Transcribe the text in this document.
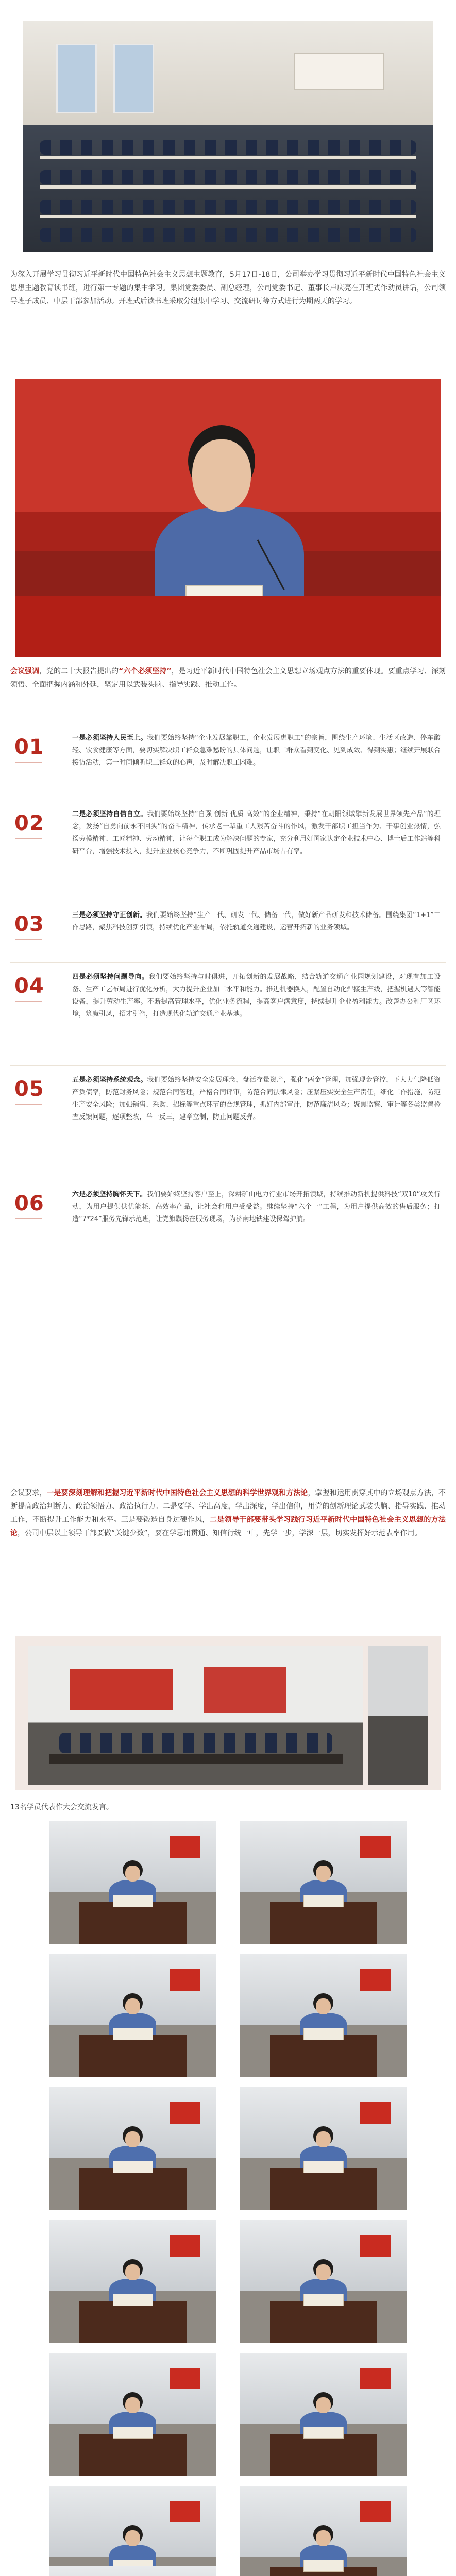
为深入开展学习贯彻习近平新时代中国特色社会主义思想主题教育，5月17日-18日，公司举办学习贯彻习近平新时代中国特色社会主义思想主题教育读书班，进行第一专题的集中学习。集团党委委员、副总经理，公司党委书记、董事长卢庆亮在开班式作动员讲话，公司领导班子成员、中层干部参加活动。开班式后读书班采取分组集中学习、交流研讨等方式进行为期两天的学习。

会议强调，党的二十大报告提出的“六个必须坚持”，是习近平新时代中国特色社会主义思想立场观点方法的重要体现。要重点学习、深刻领悟、全面把握内涵和外延，坚定用以武装头脑、指导实践、推动工作。

01	一是必须坚持人民至上。我们要始终坚持“企业发展靠职工，企业发展惠职工”的宗旨，围绕生产环境、生活区改造、停车酸轻、饮食健康等方面，要切实解决职工群众急难愁盼的具体问题，让职工群众看到变化、见到成效、得到实惠；继续开展联合接访活动，第一时间倾听职工群众的心声，及时解决职工困难。

02	二是必须坚持自信自立。我们要始终坚持“自强 创新 优质 高效”的企业精神，秉持“在朝阳领域擘新发展世界领先产品”的理念，发扬“自勇向前永不回头”的奋斗精神，传承老一辈重工人艰苦奋斗的作风，激发干部职工担当作为、干事创业热情，弘扬劳模精神、工匠精神、劳动精神，让每个职工成为解决问题的专家，充分利用好国家认定企业技术中心、博士后工作站等科研平台，增强技术投入，提升企业核心竞争力，不断巩固提升产品市场占有率。

03	三是必须坚持守正创新。我们要始终坚持“生产一代、研发一代、储备一代，做好新产品研发和技术储备。围绕集团“1+1”工作思路，聚焦科技创新引领，持续优化产业布局，依托轨道交通建设，运营开拓新的业务领域。

04	四是必须坚持问题导向。我们要始终坚持与时俱进，开拓创新的发展战略，结合轨道交通产业园规划建设，对现有加工设备、生产工艺布局进行优化分析，大力提升企业加工水平和能力。推进机器换人，配置自动化焊接生产线，把握机遇人等智能设备，提升劳动生产率。不断提高管理水平，优化业务流程，提高客户满意度，持续提升企业盈利能力。改善办公和厂区环境，筑魔引凤，招才引智，打造现代化轨道交通产业基地。

05	五是必须坚持系统观念。我们要始终坚持安全发展理念，盘活存量资产，强化“两金”管理，加强现金管控，下大力气降低资产负债率，防范财务风险；规范合同管理，严格合同评审，防范合同法律风险；压紧压实安全生产责任，细化工作措施，防范生产安全风险；加强销售、采购、招标等重点环节的合规管理，抓好内部审计，防范廉洁风险；聚焦监察、审计等各类监督检查反馈问题，逐项整改，举一反三，建章立制，防止问题反弹。

06	六是必须坚持胸怀天下。我们要始终坚持客户至上，深耕矿山电力行业市场开拓领域，持续推动新机提供科技“双10”攻关行动，为用户提供供优能耗、高效率产品，让社会和用户受受益。继续坚持“六个一”工程，为用户提供高效的售后服务；打造“7*24”服务先锋示范班，让党旗飘扬在服务现场，为济南地铁建设保驾护航。

会议要求，一是要深刻理解和把握习近平新时代中国特色社会主义思想的科学世界观和方法论，掌握和运用贯穿其中的立场观点方法，不断提高政治判断力、政治领悟力、政治执行力。二是要学、学出高度，学出深度，学出信仰，用党的创新理论武装头脑、指导实践、推动工作，不断提升工作能力和水平。三是要锻造自身过硬作风，二是领导干部要带头学习践行习近平新时代中国特色社会主义思想的方法论，公司中层以上领导干部要做“关键少数”，要在学思用贯通、知信行统一中，先学一步，学深一层，切实发挥好示范表率作用。

13名学员代表作大会交流发言。
